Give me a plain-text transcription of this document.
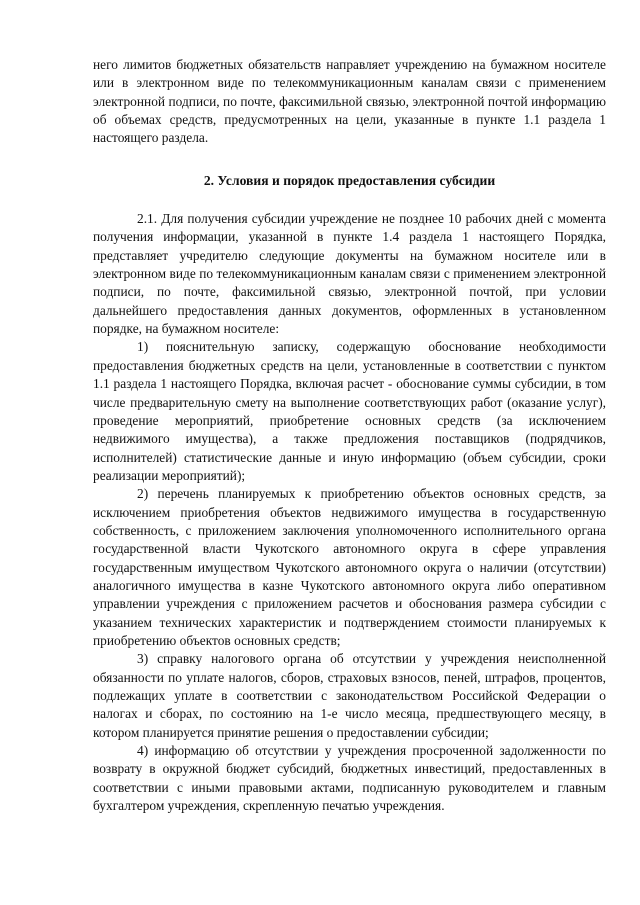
него лимитов бюджетных обязательств направляет учреждению на бумажном носителе или в электронном виде по телекоммуникационным каналам связи с применением электронной подписи, по почте, факсимильной связью, электронной почтой информацию об объемах средств, предусмотренных на цели, указанные в пункте 1.1 раздела 1 настоящего раздела.

2. Условия и порядок предоставления субсидии

2.1. Для получения субсидии учреждение не позднее 10 рабочих дней с момента получения информации, указанной в пункте 1.4 раздела 1 настоящего Порядка, представляет учредителю следующие документы на бумажном носителе или в электронном виде по телекоммуникационным каналам связи с применением электронной подписи, по почте, факсимильной связью, электронной почтой, при условии дальнейшего предоставления данных документов, оформленных в установленном порядке, на бумажном носителе:

1) пояснительную записку, содержащую обоснование необходимости предоставления бюджетных средств на цели, установленные в соответствии с пунктом 1.1 раздела 1 настоящего Порядка, включая расчет - обоснование суммы субсидии, в том числе предварительную смету на выполнение соответствующих работ (оказание услуг), проведение мероприятий, приобретение основных средств (за исключением недвижимого имущества), а также предложения поставщиков (подрядчиков, исполнителей) статистические данные и иную информацию (объем субсидии, сроки реализации мероприятий);

2) перечень планируемых к приобретению объектов основных средств, за исключением приобретения объектов недвижимого имущества в государственную собственность, с приложением заключения уполномоченного исполнительного органа государственной власти Чукотского автономного округа в сфере управления государственным имуществом Чукотского автономного округа о наличии (отсутствии) аналогичного имущества в казне Чукотского автономного округа либо оперативном управлении учреждения с приложением расчетов и обоснования размера субсидии с указанием технических характеристик и подтверждением стоимости планируемых к приобретению объектов основных средств;

3) справку налогового органа об отсутствии у учреждения неисполненной обязанности по уплате налогов, сборов, страховых взносов, пеней, штрафов, процентов, подлежащих уплате в соответствии с законодательством Российской Федерации о налогах и сборах, по состоянию на 1-е число месяца, предшествующего месяцу, в котором планируется принятие решения о предоставлении субсидии;

4) информацию об отсутствии у учреждения просроченной задолженности по возврату в окружной бюджет субсидий, бюджетных инвестиций, предоставленных в соответствии с иными правовыми актами, подписанную руководителем и главным бухгалтером учреждения, скрепленную печатью учреждения.
